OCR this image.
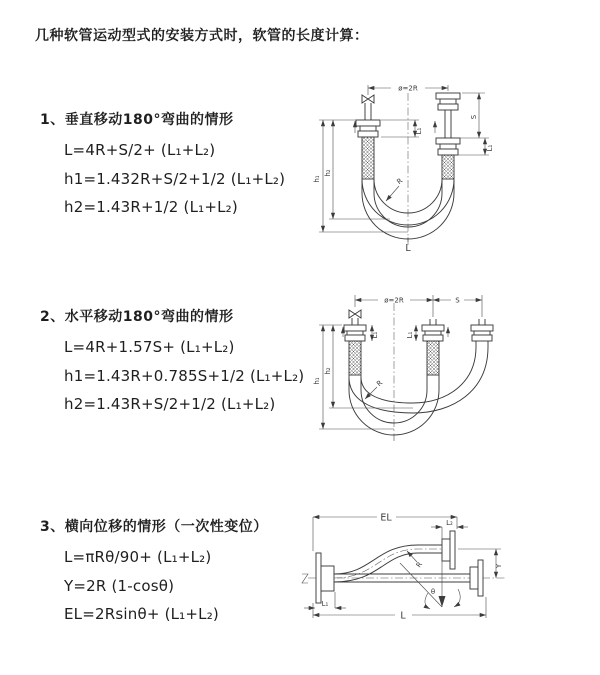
几种软管运动型式的安装方式时，软管的长度计算：

1、垂直移动180°弯曲的情形

L=4R+S/2+ (L₁+L₂)

h1=1.432R+S/2+1/2 (L₁+L₂)

h2=1.43R+1/2 (L₁+L₂)

2、水平移动180°弯曲的情形

L=4R+1.57S+ (L₁+L₂)

h1=1.43R+0.785S+1/2 (L₁+L₂)

h2=1.43R+S/2+1/2 (L₁+L₂)

3、横向位移的情形（一次性变位）

L=πRθ/90+ (L₁+L₂)

Y=2R (1-cosθ)

EL=2Rsinθ+ (L₁+L₂)

ø=2R
h₁
h₂
L₁
S
L₁
R
L
ø=2R	S
h₁
h₂
L₁	L₁
R
EL	L₂
Y
L
L₁
R
θ
